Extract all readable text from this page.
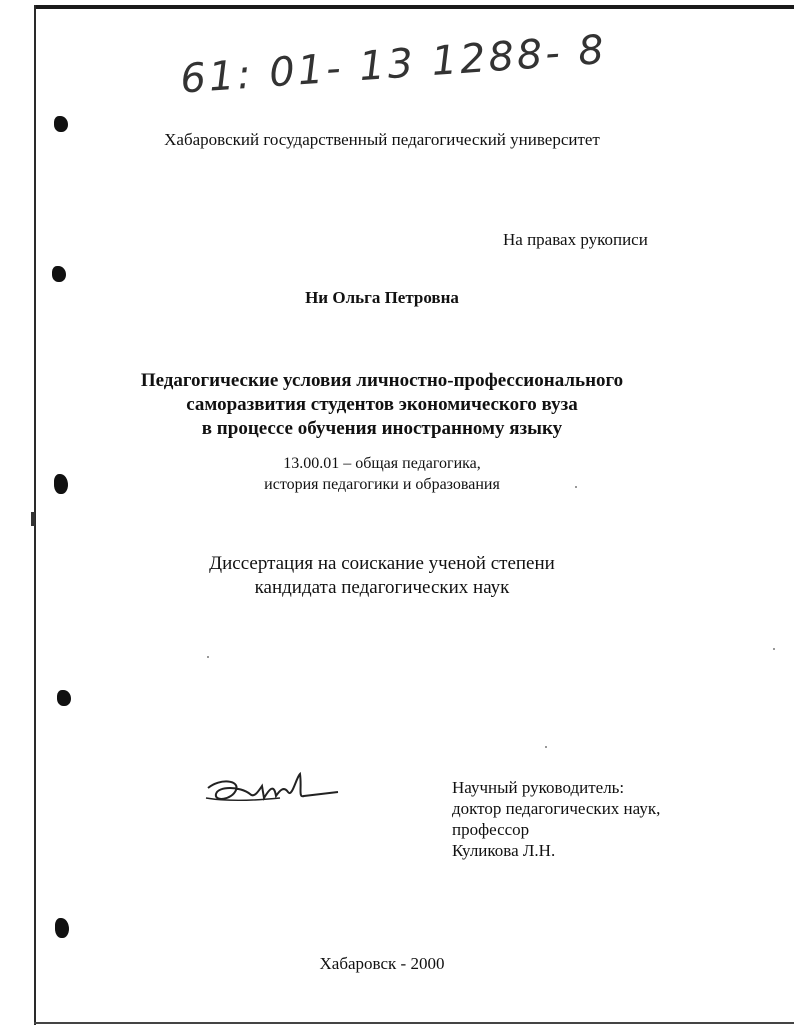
61: 01- 13 1288- 8
Хабаровский государственный педагогический университет
На правах рукописи
Ни Ольга Петровна
Педагогические условия личностно-профессионального
саморазвития студентов экономического вуза
в процессе обучения иностранному языку
13.00.01 – общая педагогика,
история педагогики и образования
Диссертация на соискание ученой степени
кандидата педагогических наук
Научный руководитель:
доктор педагогических наук,
профессор
Куликова Л.Н.
Хабаровск - 2000
